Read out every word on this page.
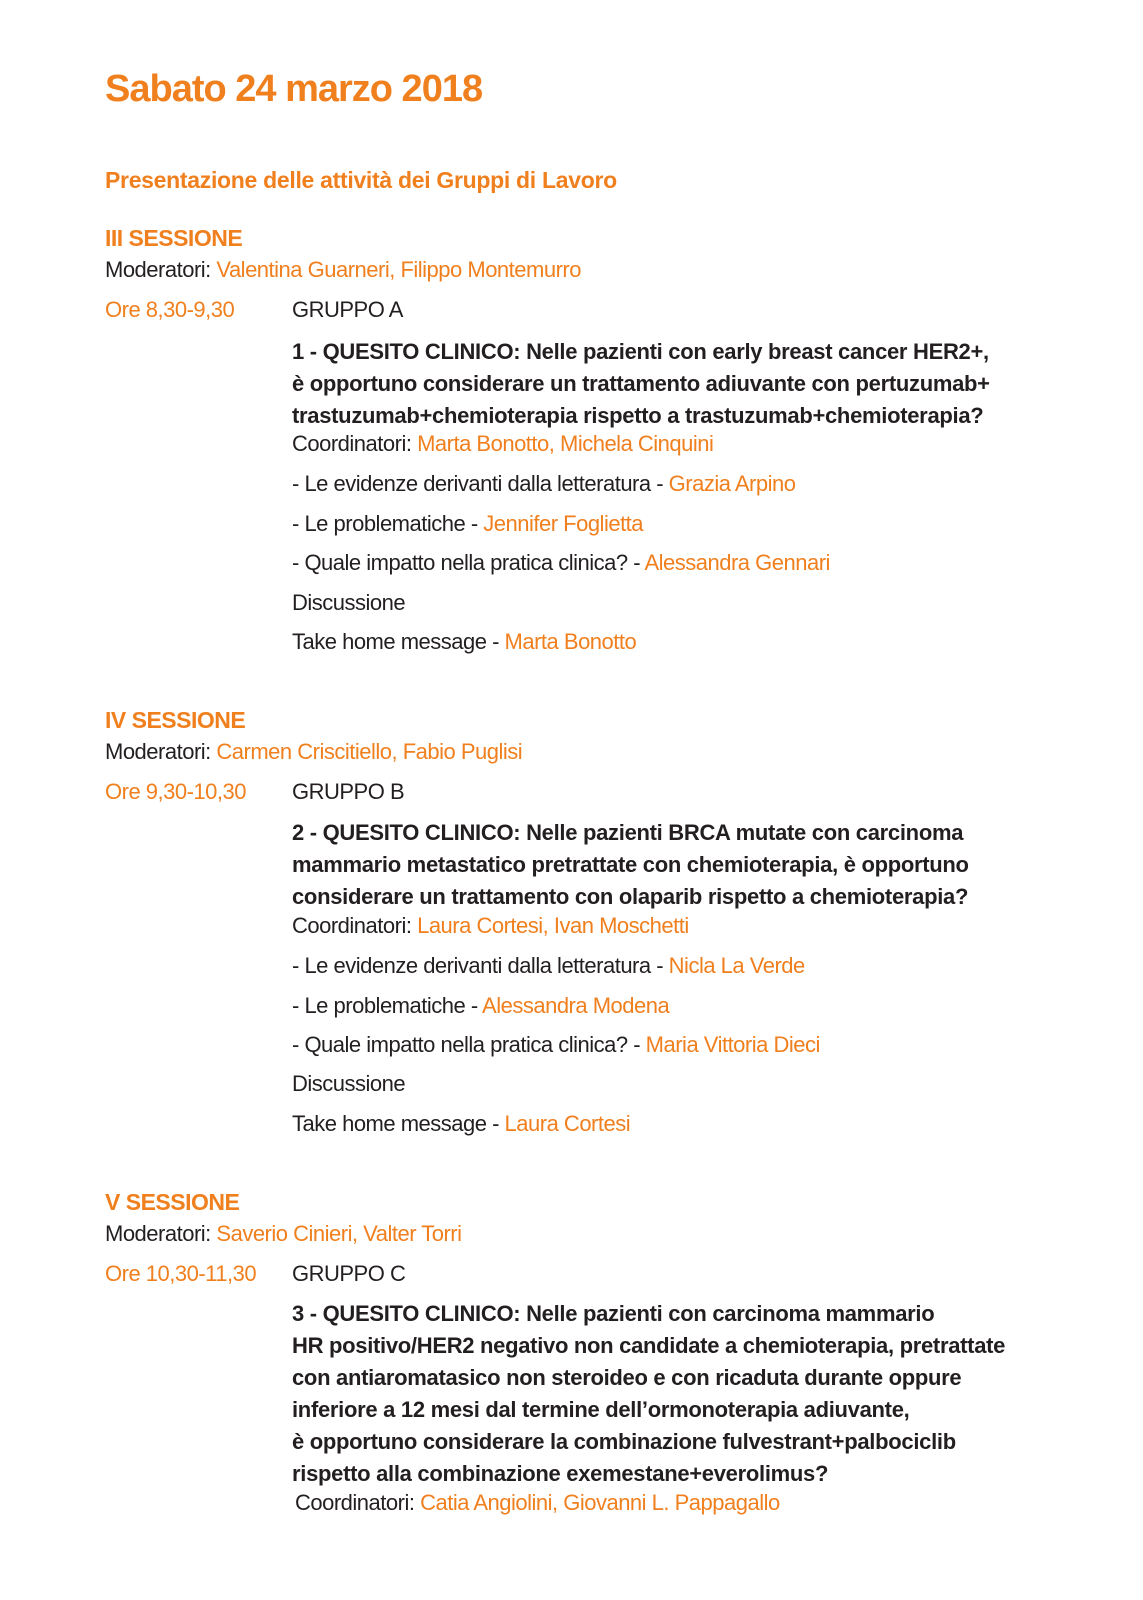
Sabato 24 marzo 2018
Presentazione delle attività dei Gruppi di Lavoro
III SESSIONE
Moderatori: Valentina Guarneri, Filippo Montemurro
Ore 8,30-9,30	GRUPPO A
1 - QUESITO CLINICO: Nelle pazienti con early breast cancer HER2+,
è opportuno considerare un trattamento adiuvante con pertuzumab+
trastuzumab+chemioterapia rispetto a trastuzumab+chemioterapia?
Coordinatori: Marta Bonotto, Michela Cinquini
- Le evidenze derivanti dalla letteratura - Grazia Arpino
- Le problematiche - Jennifer Foglietta
- Quale impatto nella pratica clinica? - Alessandra Gennari
Discussione
Take home message - Marta Bonotto
IV SESSIONE
Moderatori: Carmen Criscitiello, Fabio Puglisi
Ore 9,30-10,30 GRUPPO B
2 - QUESITO CLINICO: Nelle pazienti BRCA mutate con carcinoma
mammario metastatico pretrattate con chemioterapia, è opportuno
considerare un trattamento con olaparib rispetto a chemioterapia?
Coordinatori: Laura Cortesi, Ivan Moschetti
- Le evidenze derivanti dalla letteratura - Nicla La Verde
- Le problematiche - Alessandra Modena
- Quale impatto nella pratica clinica? - Maria Vittoria Dieci
Discussione
Take home message - Laura Cortesi
V SESSIONE
Moderatori: Saverio Cinieri, Valter Torri
Ore 10,30-11,30 GRUPPO C
3 - QUESITO CLINICO: Nelle pazienti con carcinoma mammario
HR positivo/HER2 negativo non candidate a chemioterapia, pretrattate
con antiaromatasico non steroideo e con ricaduta durante oppure
inferiore a 12 mesi dal termine dell’ormonoterapia adiuvante,
è opportuno considerare la combinazione fulvestrant+palbociclib
rispetto alla combinazione exemestane+everolimus?
Coordinatori: Catia Angiolini, Giovanni L. Pappagallo
